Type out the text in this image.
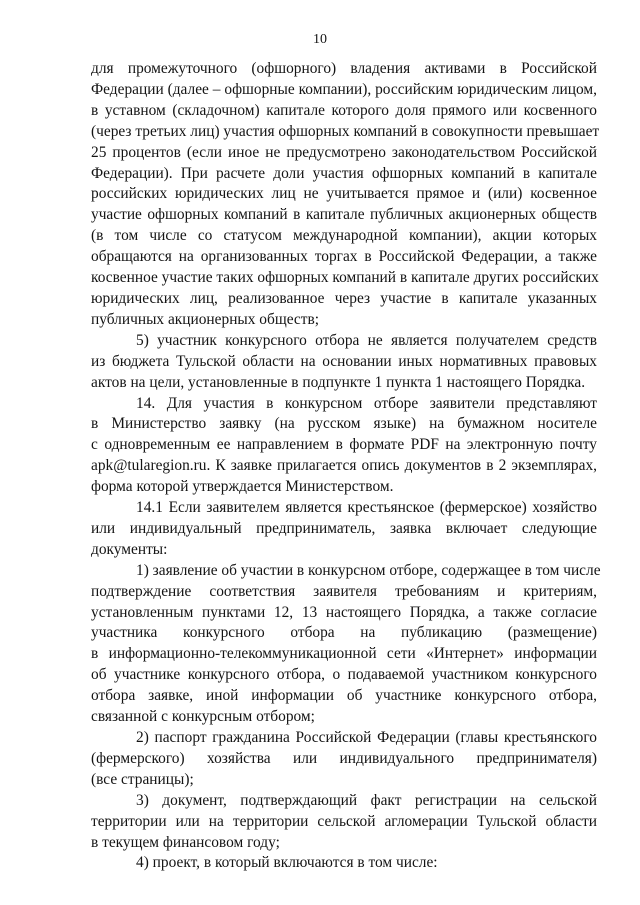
10
для промежуточного (офшорного) владения активами в Российской
Федерации (далее – офшорные компании), российским юридическим лицом,
в уставном (складочном) капитале которого доля прямого или косвенного
(через третьих лиц) участия офшорных компаний в совокупности превышает
25 процентов (если иное не предусмотрено законодательством Российской
Федерации). При расчете доли участия офшорных компаний в капитале
российских юридических лиц не учитывается прямое и (или) косвенное
участие офшорных компаний в капитале публичных акционерных обществ
(в том числе со статусом международной компании), акции которых
обращаются на организованных торгах в Российской Федерации, а также
косвенное участие таких офшорных компаний в капитале других российских
юридических лиц, реализованное через участие в капитале указанных
публичных акционерных обществ;
5) участник конкурсного отбора не является получателем средств
из бюджета Тульской области на основании иных нормативных правовых
актов на цели, установленные в подпункте 1 пункта 1 настоящего Порядка.
14. Для участия в конкурсном отборе заявители представляют
в Министерство заявку (на русском языке) на бумажном носителе
с одновременным ее направлением в формате PDF на электронную почту
apk@tularegion.ru. К заявке прилагается опись документов в 2 экземплярах,
форма которой утверждается Министерством.
14.1 Если заявителем является крестьянское (фермерское) хозяйство
или индивидуальный предприниматель, заявка включает следующие
документы:
1) заявление об участии в конкурсном отборе, содержащее в том числе
подтверждение соответствия заявителя требованиям и критериям,
установленным пунктами 12, 13 настоящего Порядка, а также согласие
участника конкурсного отбора на публикацию (размещение)
в информационно-телекоммуникационной сети «Интернет» информации
об участнике конкурсного отбора, о подаваемой участником конкурсного
отбора заявке, иной информации об участнике конкурсного отбора,
связанной с конкурсным отбором;
2) паспорт гражданина Российской Федерации (главы крестьянского
(фермерского) хозяйства или индивидуального предпринимателя)
(все страницы);
3) документ, подтверждающий факт регистрации на сельской
территории или на территории сельской агломерации Тульской области
в текущем финансовом году;
4) проект, в который включаются в том числе:
